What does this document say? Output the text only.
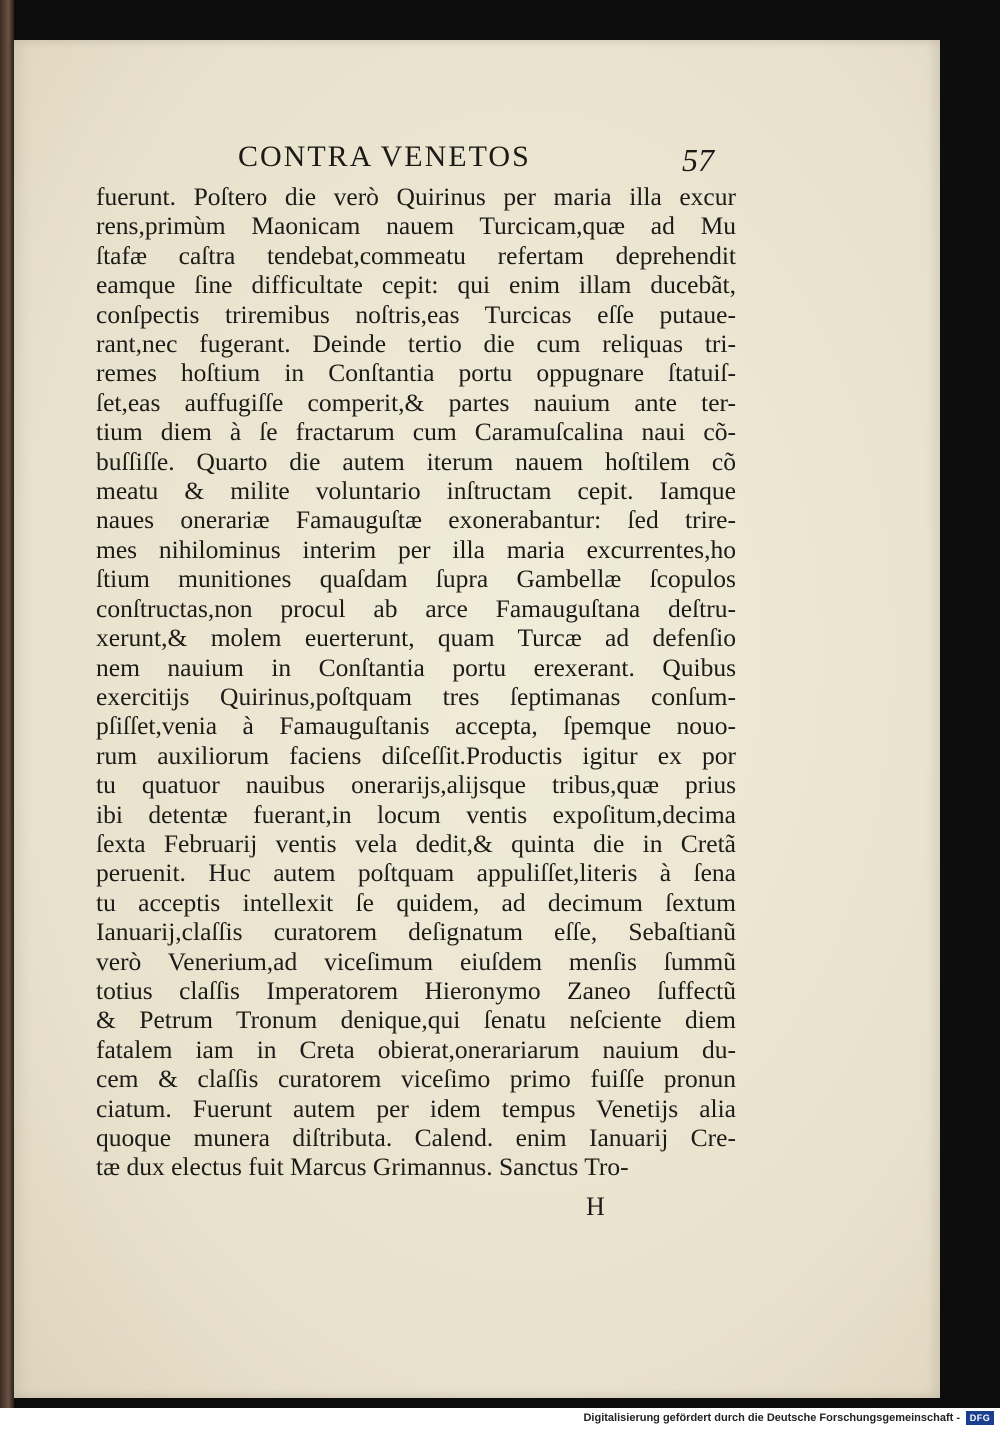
CONTRA VENETOS	57
fuerunt. Poſtero die verò Quirinus per maria illa excur
rens,primùm Maonicam nauem Turcicam,quæ ad Mu
ſtafæ caſtra tendebat,commeatu refertam deprehendit
eamque ſine difficultate cepit: qui enim illam ducebãt,
conſpectis triremibus noſtris,eas Turcicas eſſe putaue-
rant,nec fugerant. Deinde tertio die cum reliquas tri-
remes hoſtium in Conſtantia portu oppugnare ſtatuiſ-
ſet,eas auffugiſſe comperit,& partes nauium ante ter-
tium diem à ſe fractarum cum Caramuſcalina naui cõ-
buſſiſſe. Quarto die autem iterum nauem hoſtilem cõ
meatu & milite voluntario inſtructam cepit. Iamque
naues onerariæ Famauguſtæ exonerabantur: ſed trire-
mes nihilominus interim per illa maria excurrentes,ho
ſtium munitiones quaſdam ſupra Gambellæ ſcopulos
conſtructas,non procul ab arce Famauguſtana deſtru-
xerunt,& molem euerterunt, quam Turcæ ad defenſio
nem nauium in Conſtantia portu erexerant. Quibus
exercitijs Quirinus,poſtquam tres ſeptimanas conſum-
pſiſſet,venia à Famauguſtanis accepta, ſpemque nouo-
rum auxiliorum faciens diſceſſit.Productis igitur ex por
tu quatuor nauibus onerarijs,alijsque tribus,quæ prius
ibi detentæ fuerant,in locum ventis expoſitum,decima
ſexta Februarij ventis vela dedit,& quinta die in Cretã
peruenit. Huc autem poſtquam appuliſſet,literis à ſena
tu acceptis intellexit ſe quidem, ad decimum ſextum
Ianuarij,claſſis curatorem deſignatum eſſe, Sebaſtianũ
verò Venerium,ad viceſimum eiuſdem menſis ſummũ
totius claſſis Imperatorem Hieronymo Zaneo ſuffectũ
& Petrum Tronum denique,qui ſenatu neſciente diem
fatalem iam in Creta obierat,onerariarum nauium du-
cem & claſſis curatorem viceſimo primo fuiſſe pronun
ciatum. Fuerunt autem per idem tempus Venetijs alia
quoque munera diſtributa. Calend. enim Ianuarij Cre-
tæ dux electus fuit Marcus Grimannus. Sanctus Tro-
H
Digitalisierung gefördert durch die Deutsche Forschungsgemeinschaft -	DFG
